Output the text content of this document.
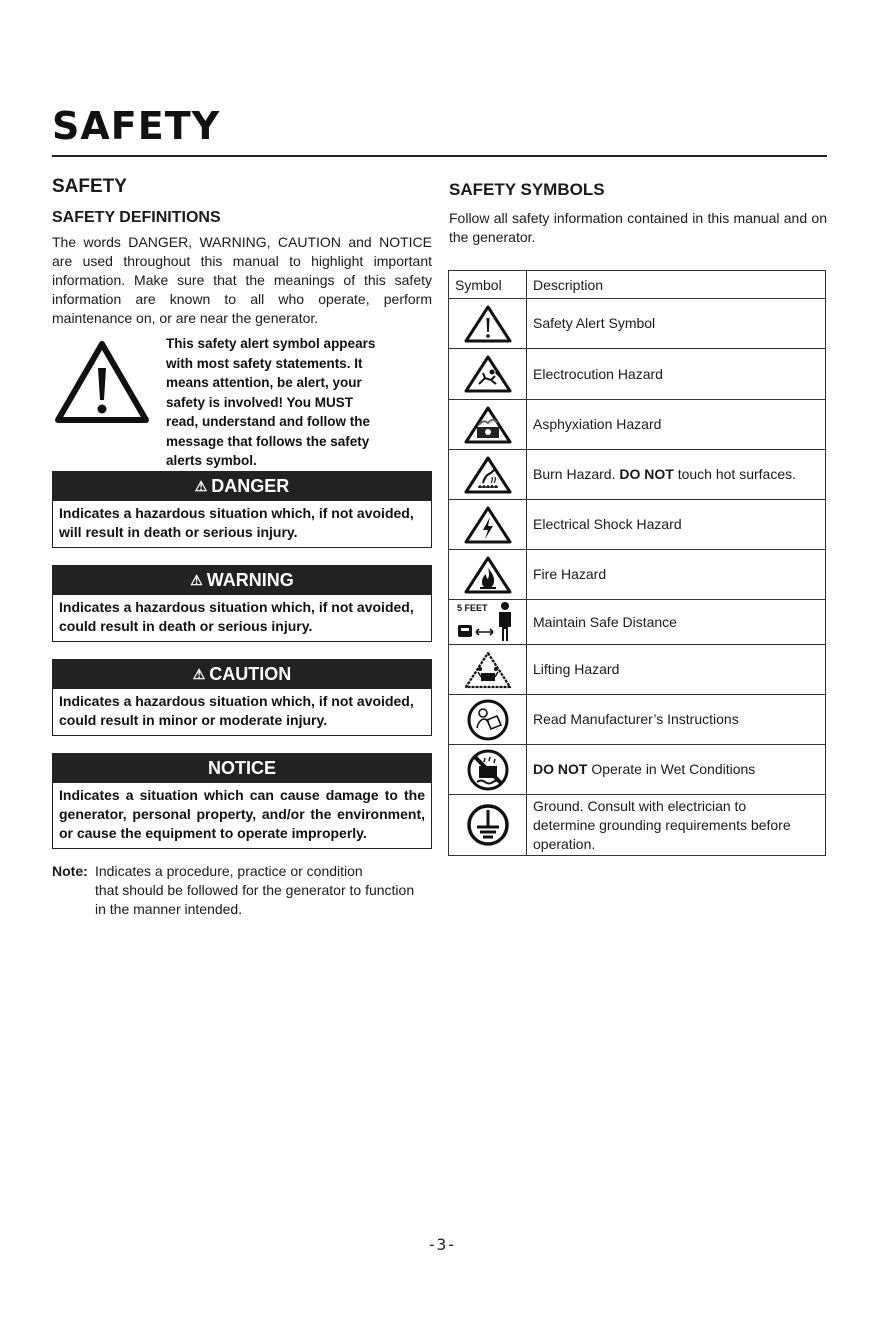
SAFETY
SAFETY
SAFETY DEFINITIONS

The words DANGER, WARNING, CAUTION and NOTICE are used throughout this manual to highlight important information. Make sure that the meanings of this safety information are known to all who operate, perform maintenance on, or are near the generator.

This safety alert symbol appears
with most safety statements. It
means attention, be alert, your
safety is involved! You MUST
read, understand and follow the
message that follows the safety
alerts symbol.
⚠ DANGER
Indicates a hazardous situation which, if not avoided,
will result in death or serious injury.
⚠ WARNING
Indicates a hazardous situation which, if not avoided,
could result in death or serious injury.
⚠ CAUTION
Indicates a hazardous situation which, if not avoided,
could result in minor or moderate injury.
NOTICE
Indicates a situation which can cause damage to the generator, personal property, and/or the environment, or cause the equipment to operate improperly.
Note: Indicates a procedure, practice or condition
that should be followed for the generator to function
in the manner intended.
SAFETY SYMBOLS

Follow all safety information contained in this manual and on the generator.

Symbol	Description

	Safety Alert Symbol

	Electrocution Hazard

	Asphyxiation Hazard

	Burn Hazard. DO NOT touch hot surfaces.

	Electrical Shock Hazard

	Fire Hazard

5 FEET	Maintain Safe Distance

	Lifting Hazard

	Read Manufacturer’s Instructions

	DO NOT Operate in Wet Conditions

Ground. Consult with electrician to
determine grounding requirements before
operation.
-3-
